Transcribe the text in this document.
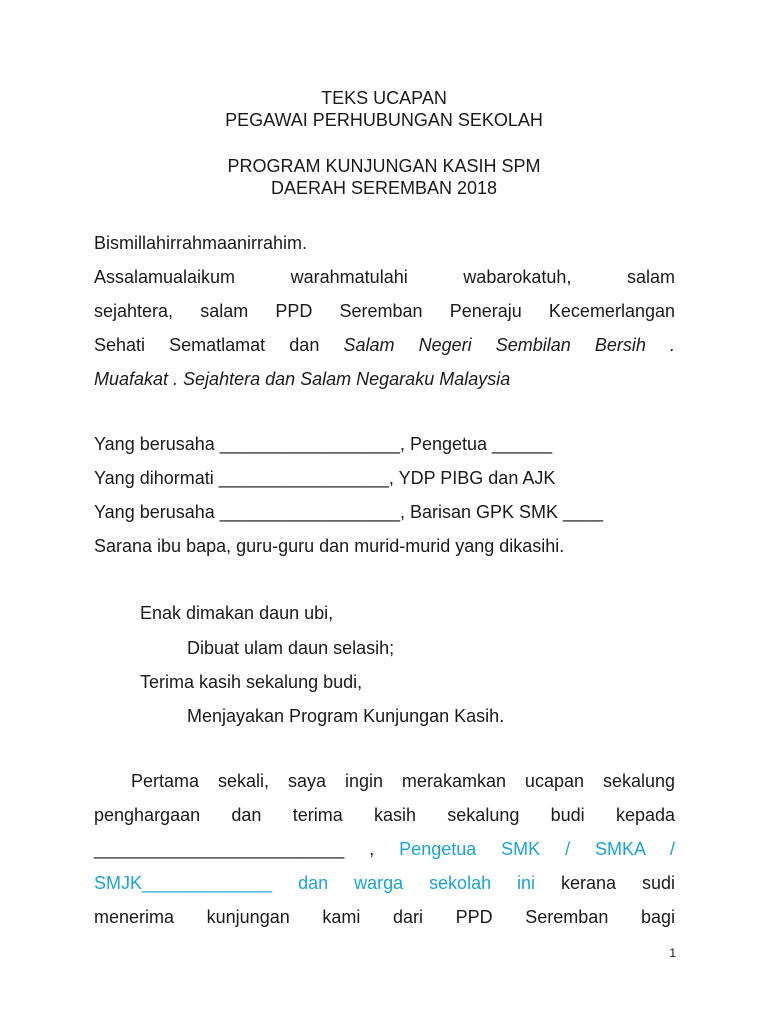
TEKS UCAPAN
PEGAWAI PERHUBUNGAN SEKOLAH
PROGRAM KUNJUNGAN KASIH SPM
DAERAH SEREMBAN 2018
Bismillahirrahmaanirrahim.
Assalamualaikum warahmatulahi wabarokatuh, salam
sejahtera, salam PPD Seremban Peneraju Kecemerlangan
Sehati Sematlamat dan Salam Negeri Sembilan Bersih .
Muafakat . Sejahtera dan Salam Negaraku Malaysia
Yang berusaha __________________, Pengetua ______
Yang dihormati _________________, YDP PIBG dan AJK
Yang berusaha __________________, Barisan GPK SMK ____
Sarana ibu bapa, guru-guru dan murid-murid yang dikasihi.
Enak dimakan daun ubi,
Dibuat ulam daun selasih;
Terima kasih sekalung budi,
Menjayakan Program Kunjungan Kasih.
Pertama sekali, saya ingin merakamkan ucapan sekalung
penghargaan dan terima kasih sekalung budi kepada
_________________________ , Pengetua SMK / SMKA /
SMJK_____________ dan warga sekolah ini kerana sudi
menerima kunjungan kami dari PPD Seremban bagi
1
